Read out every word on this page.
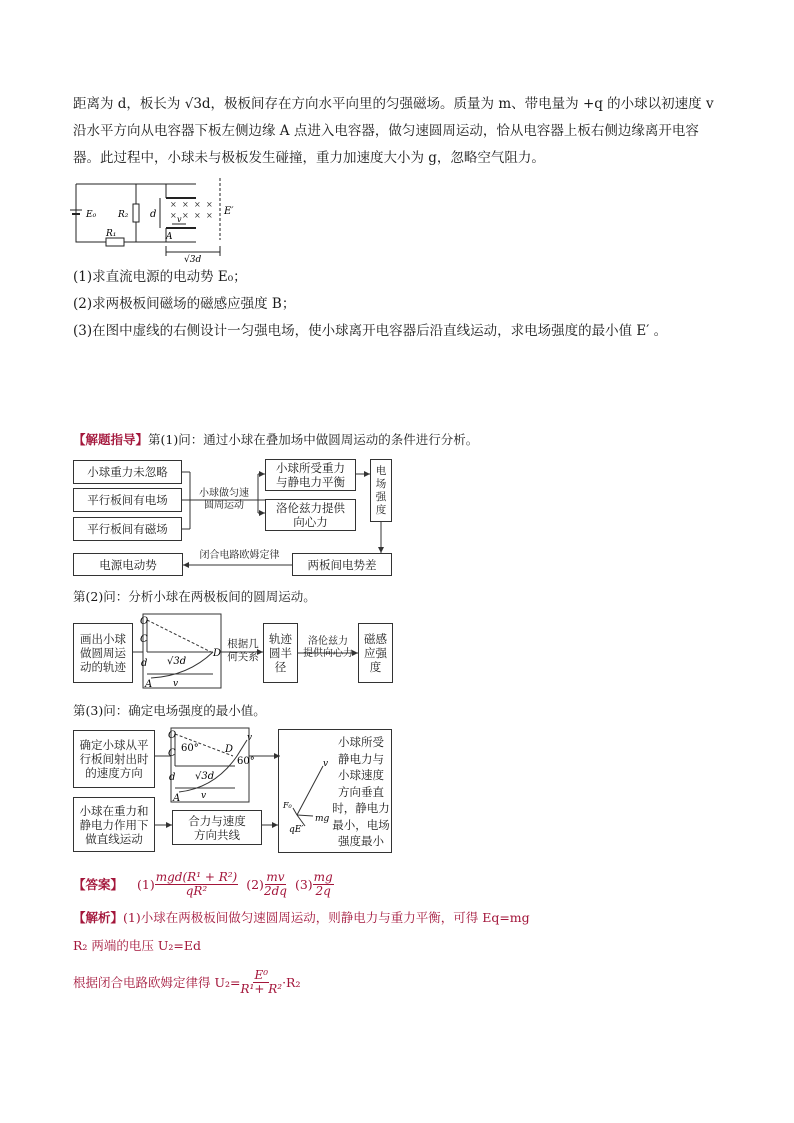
距离为 d，板长为 √3d，极板间存在方向水平向里的匀强磁场。质量为 m、带电量为 +q 的小球以初速度 v
沿水平方向从电容器下板左侧边缘 A 点进入电容器，做匀速圆周运动，恰从电容器上板右侧边缘离开电容
器。此过程中，小球未与极板发生碰撞，重力加速度大小为 g，忽略空气阻力。
E₀ R₂
R₁
d
A
v
√3d
E′
× × × ×
× × × ×
(1)求直流电源的电动势 E₀；
(2)求两极板间磁场的磁感应强度 B；
(3)在图中虚线的右侧设计一匀强电场，使小球离开电容器后沿直线运动，求电场强度的最小值 E′ 。
【解题指导】第(1)问：通过小球在叠加场中做圆周运动的条件进行分析。
小球重力未忽略
平行板间有电场
平行板间有磁场
小球做匀速
圆周运动
小球所受重力
与静电力平衡
洛伦兹力提供
向心力
电
场
强
度
两板间电势差
闭合电路欧姆定律
电源电动势
第(2)问：分析小球在两极板间的圆周运动。
画出小球
做圆周运
动的轨迹
O
C
d √3d
D
A v
根据几
何关系
轨迹
圆半
径
洛伦兹力
提供向心力
磁感
应强
度
第(3)问：确定电场强度的最小值。
确定小球从平
行板间射出时
的速度方向
O
C 60°	D
60°
v
d √3d
A v
小球在重力和
静电力作用下
做直线运动
合力与速度
方向共线
v
F₀
mg
qE′
小球所受
静电力与
小球速度
方向垂直
时，静电力
最小，电场
强度最小
【答案】 $(1) \frac{\text{mgd(R¹ + R²)}}{\text{qR²}} (2) \frac{mv}{2dq} (3) \frac{mg}{2q}$
【解析】(1)小球在两极板间做匀速圆周运动，则静电力与重力平衡，可得 Eq=mg
R₂ 两端的电压 U₂=Ed
根据闭合电路欧姆定律得 $U_2= \frac{\text{E⁰}}{\text{R¹+ R²}} \cdot R_2$
